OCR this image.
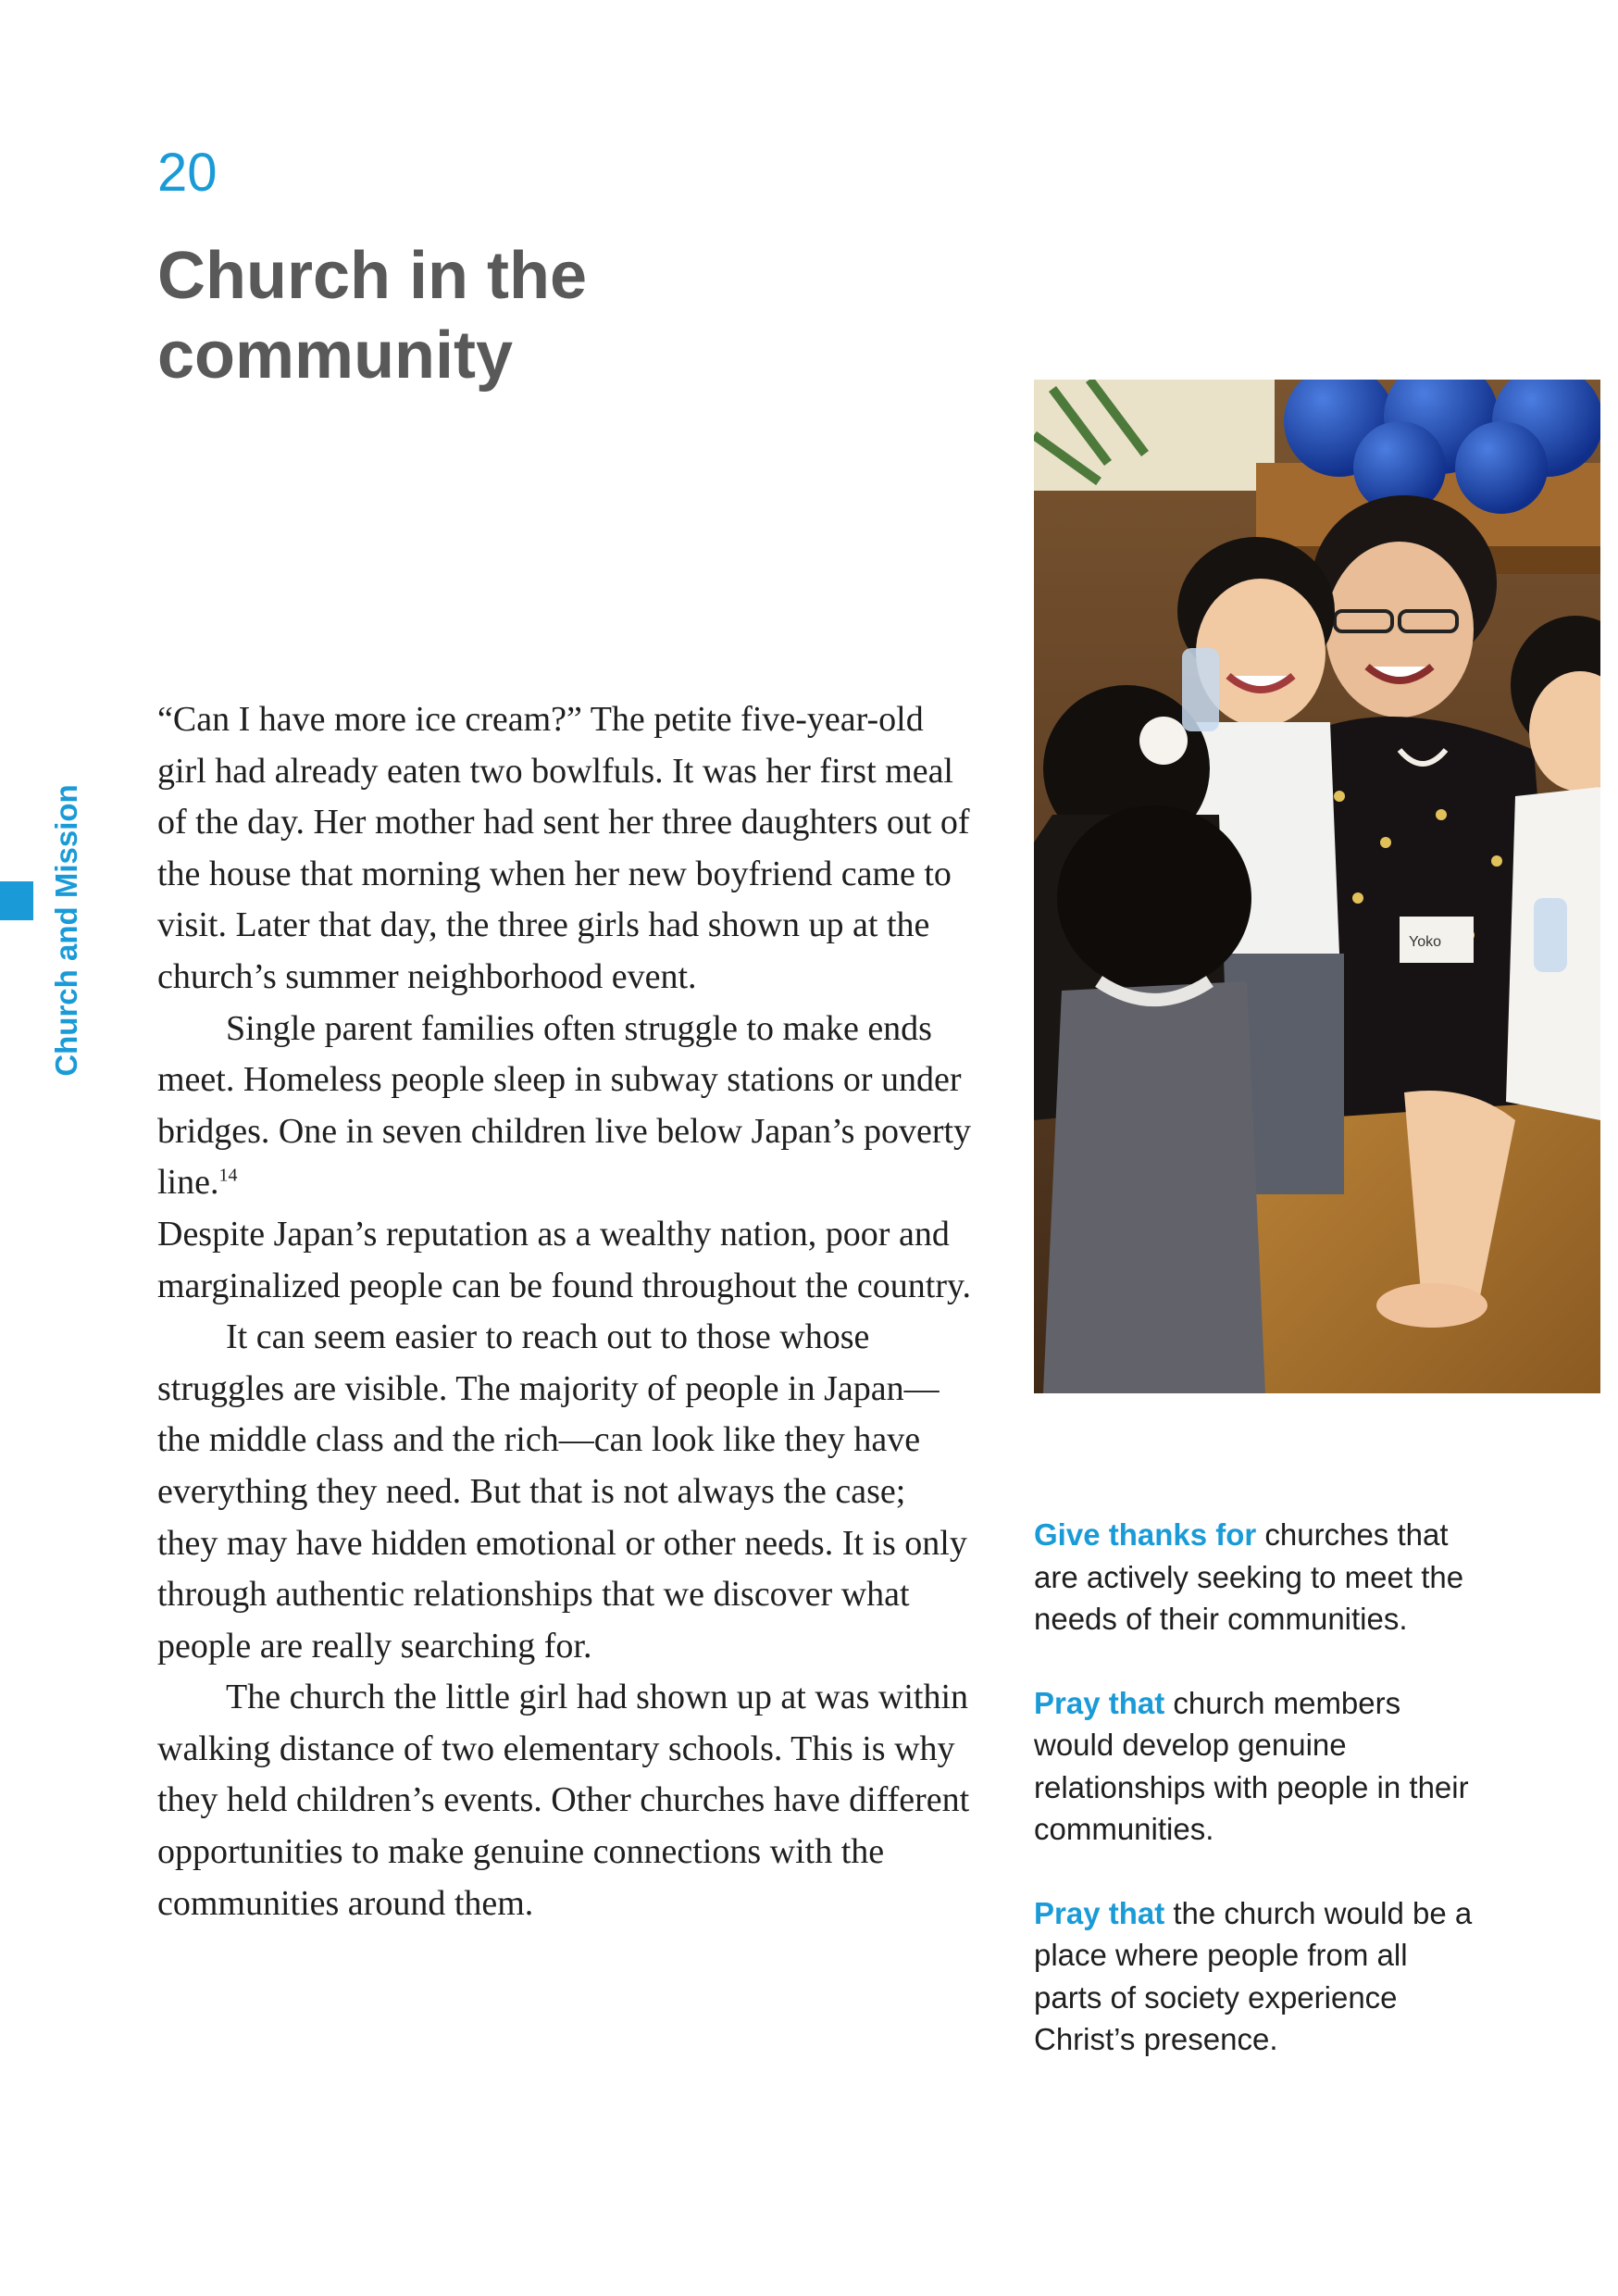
20
Church in the community
Church and Mission

“Can I have more ice cream?” The petite five-year-old girl had already eaten two bowlfuls. It was her first meal of the day. Her mother had sent her three daughters out of the house that morning when her new boyfriend came to visit. Later that day, the three girls had shown up at the church’s summer neighborhood event.

Single parent families often struggle to make ends meet. Homeless people sleep in subway stations or under bridges. One in seven children live below Japan’s poverty line.$^{14}$

Despite Japan’s reputation as a wealthy nation, poor and marginalized people can be found throughout the country.

It can seem easier to reach out to those whose struggles are visible. The majority of people in Japan—the middle class and the rich—can look like they have everything they need. But that is not always the case; they may have hidden emotional or other needs. It is only through authentic relationships that we discover what people are really searching for.

The church the little girl had shown up at was within walking distance of two elementary schools. This is why they held children’s events. Other churches have different opportunities to make genuine connections with the communities around them.

Yoko

Give thanks for churches that are actively seeking to meet the needs of their communities.

Pray that church members would develop genuine relationships with people in their communities.

Pray that the church would be a place where people from all parts of society experience Christ’s presence.
